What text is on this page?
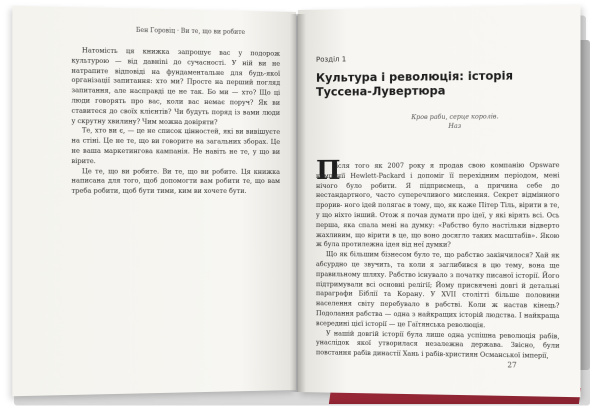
Бен Горовіц · Ви те, що ви робите

Натомість ця книжка запрошує вас у подорож культурою — від давнini до сучасності. У ній ви не натрапите відповіді на фундаментальне для будь-якої організації запитання: хто ми? Просте на перший погляд запитання, але насправді це не так. Бо ми — хто? Що ці люди говорять про вас, коли вас немає поруч? Як ви ставитеся до своїх клієнтів? Чи будуть поряд із вами люди у скрутну хвилину? Чим можна довіряти?

Те, хто ви є, — це не список цінностей, які ви вивішуєте на стіні. Це не те, що ви говорите на загальних зборах. Це не ваша маркетингова кампанія. Не навіть не те, у що ви вірите.

Це те, що ви робите. Ви те, що ви робите. Ця книжка написана для того, щоб допомогти вам робити те, що вам треба робити, щоб бути тими, ким ви хочете бути.

Розділ 1
Культура і революція: історія Туссена-Лувертюра
Кров раби, серце королів.
Наз
П

ісля того як 2007 року я продав свою компанію Opsware компанії Hewlett-Packard і допоміг її перехідним періодом, мені нічого було робити. Я підприємець, а причина себе до нестандартного, часто суперечливого мислення. Секрет відмінного прорив- ного ідей полягає в тому, що, як каже Пітер Тіль, вірити в те, у що ніхто інший. Отож я почав думати про ідеї, у які вірять всі. Ось перша, яка спала мені на думку: «Рабство було настільки відверто жахливим, що вірити в це, що воно досягло таких масштабів». Якою ж була протилежна ідея від неї думки?

Що як більшим бізнесом було те, що рабство закінчилося? Хай як абсурдно це звучить, та коли я заглибився в цю тему, вона ще правильному шляху. Рабство існувало з початку писаної історії. Його підтримували всі основні релігії; Йому присвячені довгі й детальні параграфи Біблії та Корану. У XVII столітті більше половини населення світу перебувало в рабстві. Коли ж настав кінець? Подолання рабства — одна з найкращих історій людства. І найкраща всередині цієї історії — це Гаїтянська революція.

У нашій довгій історії була лише одна успішна революція рабів, унаслідок якої утворилася незалежна держава. Звісно, були повстання рабів династії Хань і рабів-християн Османської імперії,

27
